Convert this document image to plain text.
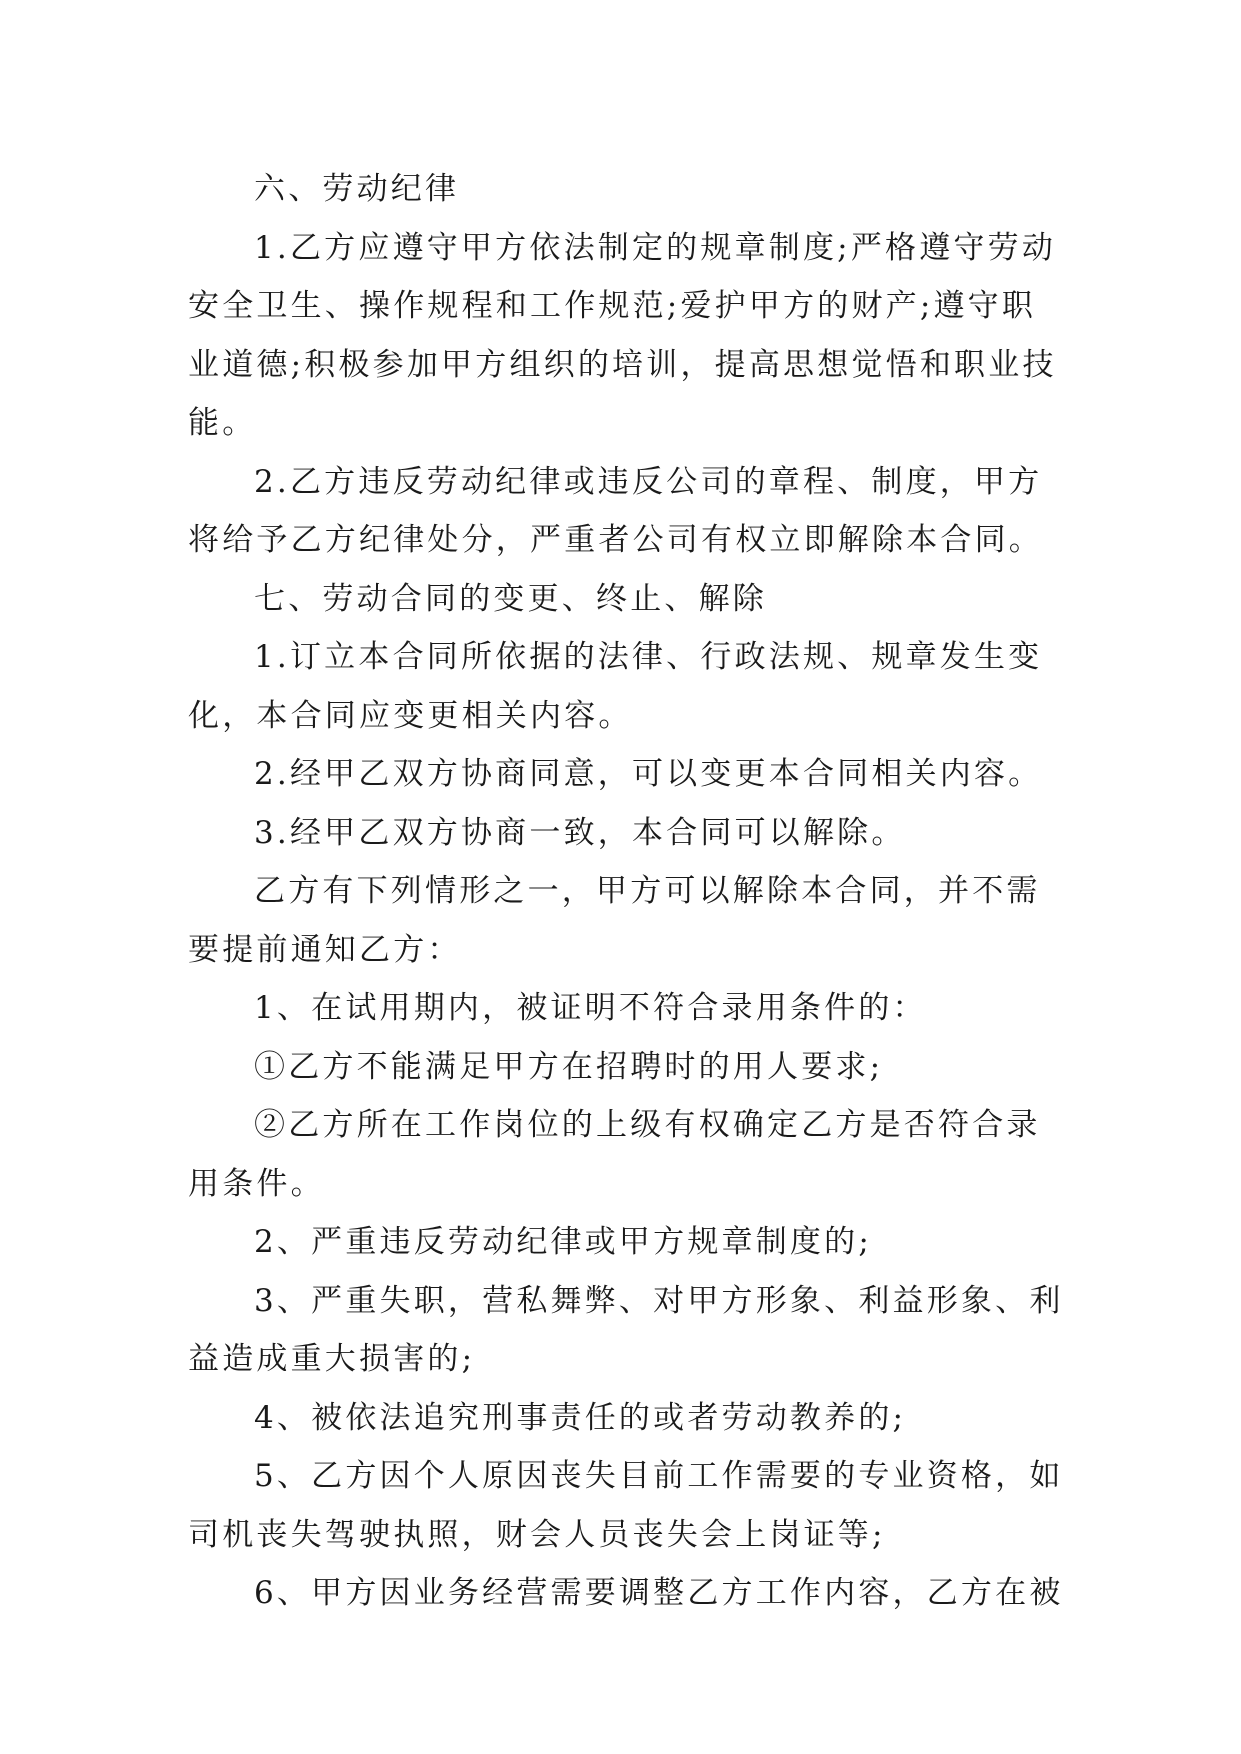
六、劳动纪律

1.乙方应遵守甲方依法制定的规章制度;严格遵守劳动安全卫生、操作规程和工作规范;爱护甲方的财产;遵守职业道德;积极参加甲方组织的培训，提高思想觉悟和职业技能。

2.乙方违反劳动纪律或违反公司的章程、制度，甲方将给予乙方纪律处分，严重者公司有权立即解除本合同。

七、劳动合同的变更、终止、解除

1.订立本合同所依据的法律、行政法规、规章发生变化，本合同应变更相关内容。

2.经甲乙双方协商同意，可以变更本合同相关内容。

3.经甲乙双方协商一致，本合同可以解除。

乙方有下列情形之一，甲方可以解除本合同，并不需要提前通知乙方：

1、在试用期内，被证明不符合录用条件的：

①乙方不能满足甲方在招聘时的用人要求;

②乙方所在工作岗位的上级有权确定乙方是否符合录用条件。

2、严重违反劳动纪律或甲方规章制度的;

3、严重失职，营私舞弊、对甲方形象、利益形象、利益造成重大损害的;

4、被依法追究刑事责任的或者劳动教养的;

5、乙方因个人原因丧失目前工作需要的专业资格，如司机丧失驾驶执照，财会人员丧失会上岗证等;

6、甲方因业务经营需要调整乙方工作内容，乙方在被
